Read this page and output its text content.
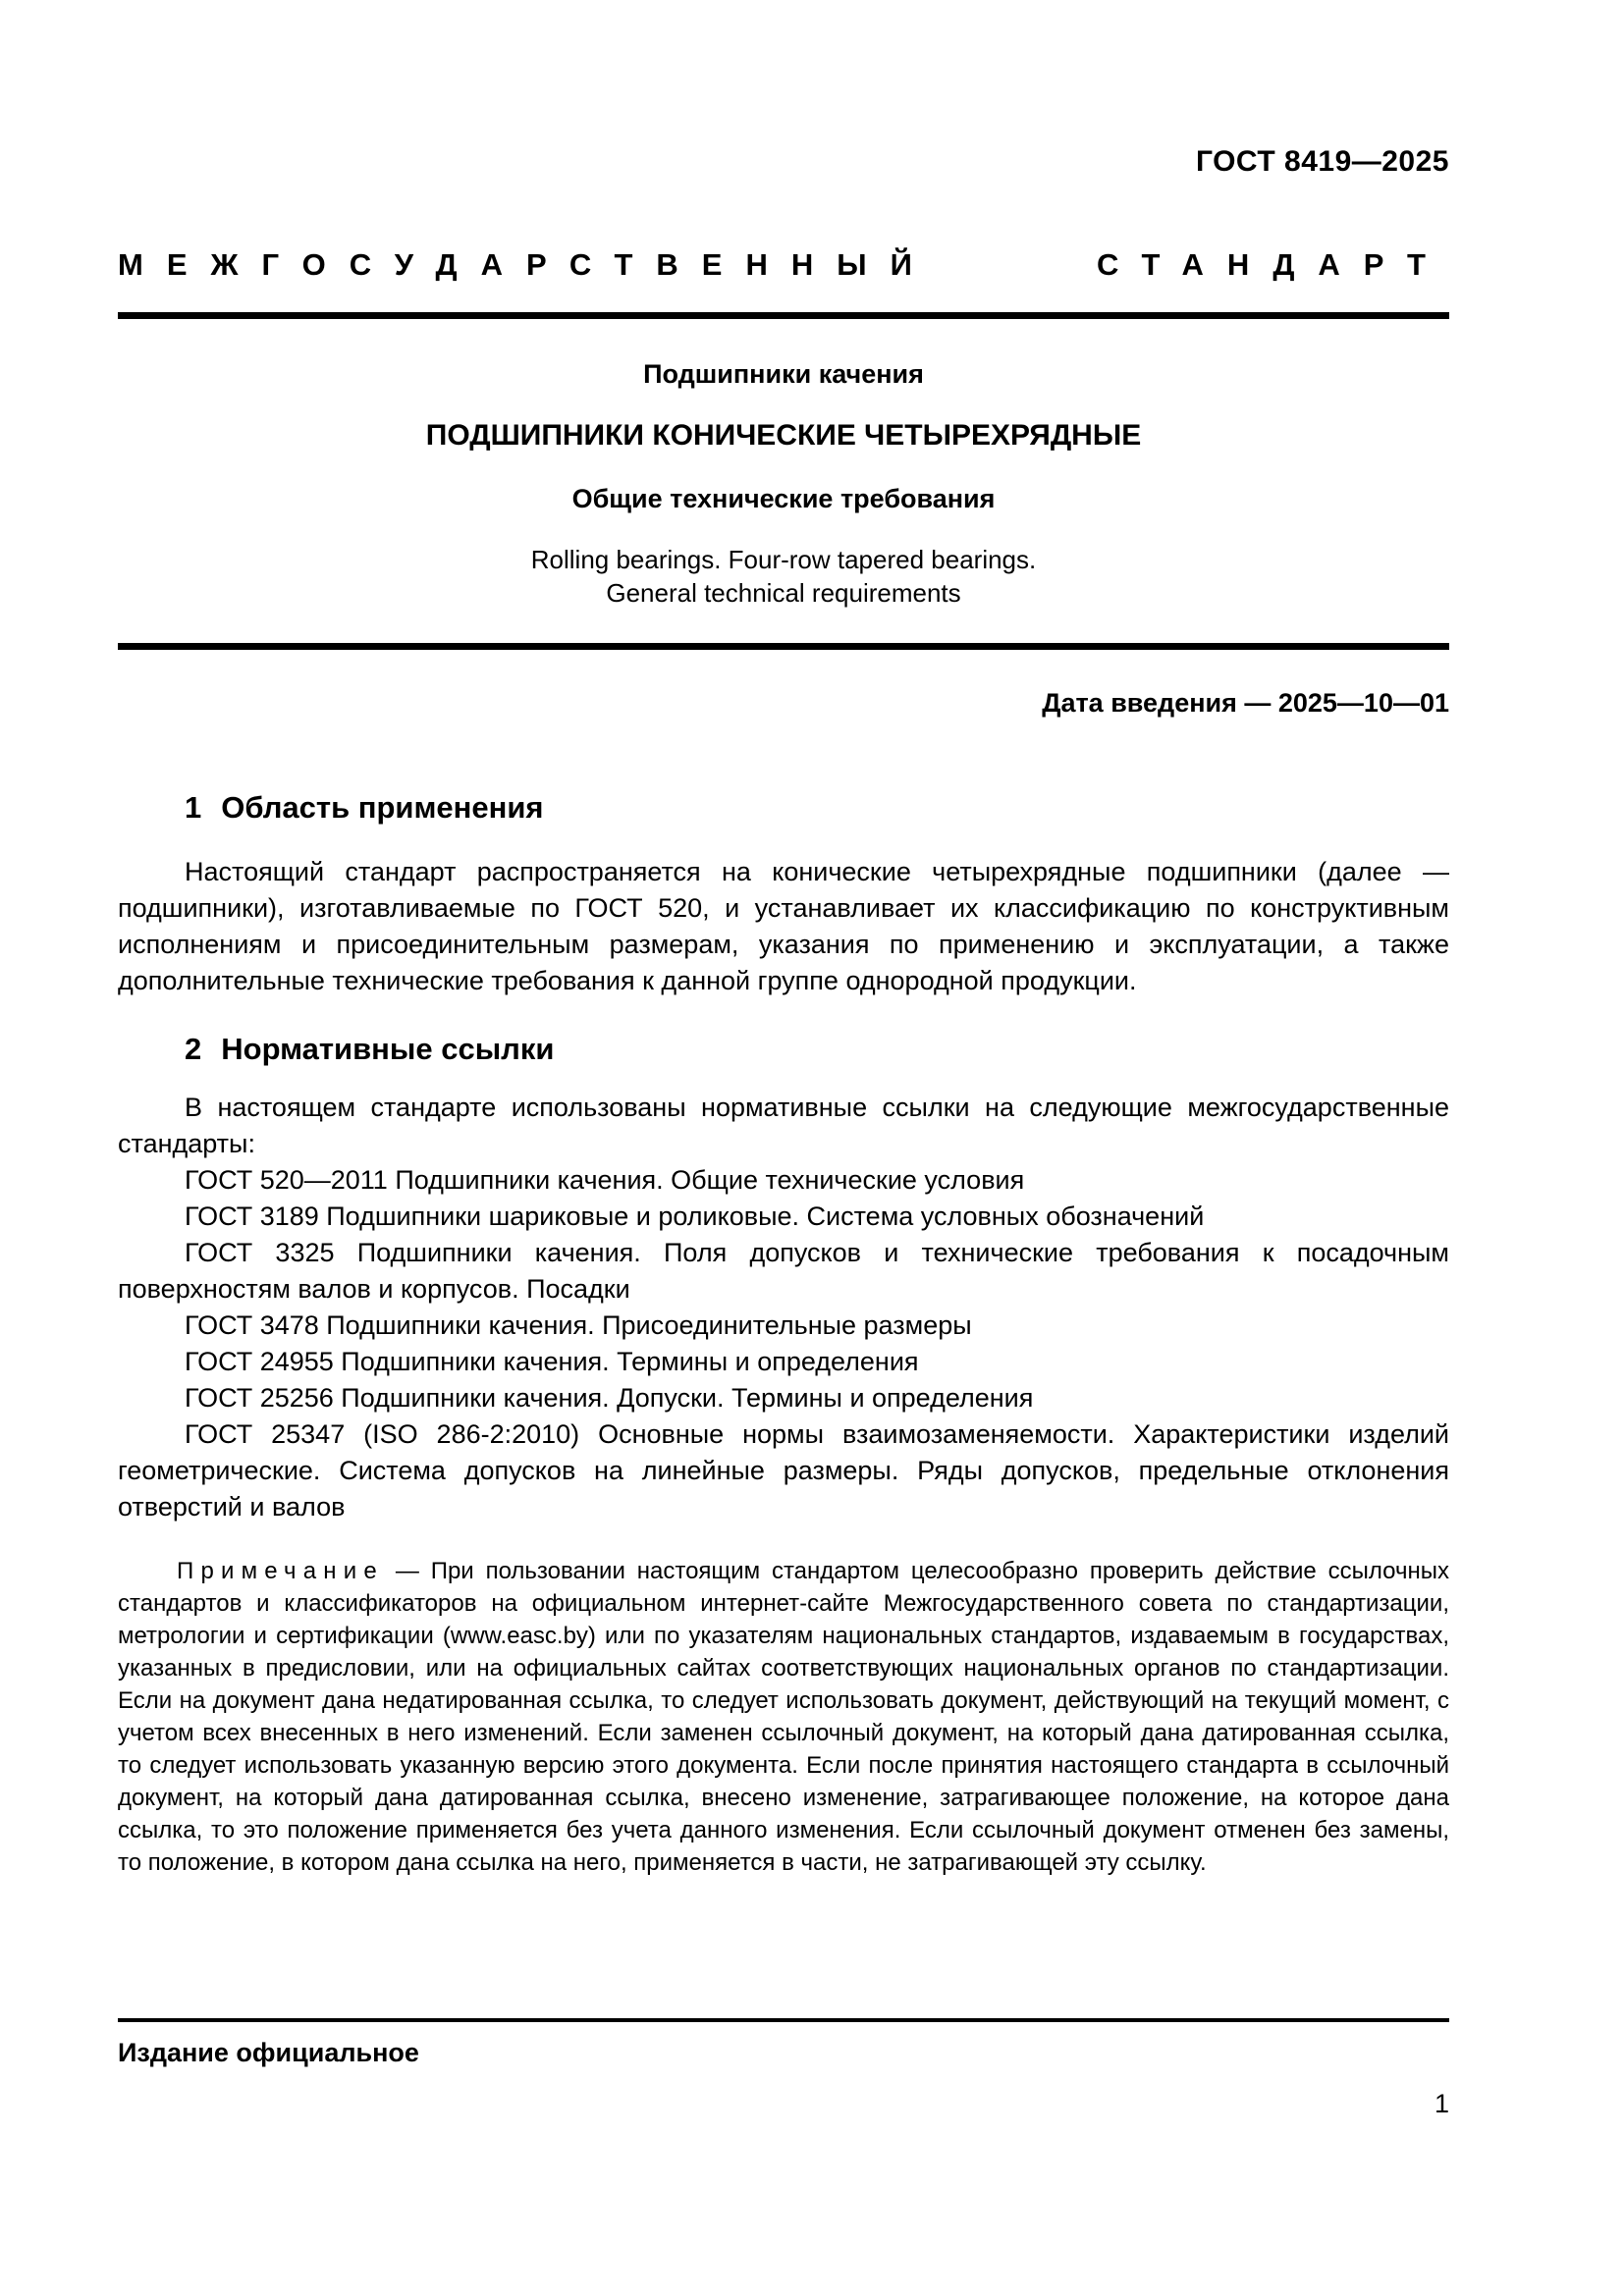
ГОСТ 8419—2025
МЕЖГОСУДАРСТВЕННЫЙ СТАНДАРТ
Подшипники качения
ПОДШИПНИКИ КОНИЧЕСКИЕ ЧЕТЫРЕХРЯДНЫЕ
Общие технические требования
Rolling bearings. Four-row tapered bearings.
General technical requirements
Дата введения — 2025—10—01
1 Область применения

Настоящий стандарт распространяется на конические четырехрядные подшипники (далее — подшипники), изготавливаемые по ГОСТ 520, и устанавливает их классификацию по конструктивным исполнениям и присоединительным размерам, указания по применению и эксплуатации, а также дополнительные технические требования к данной группе однородной продукции.

2 Нормативные ссылки

В настоящем стандарте использованы нормативные ссылки на следующие межгосударственные стандарты:

ГОСТ 520—2011 Подшипники качения. Общие технические условия

ГОСТ 3189 Подшипники шариковые и роликовые. Система условных обозначений

ГОСТ 3325 Подшипники качения. Поля допусков и технические требования к посадочным поверхностям валов и корпусов. Посадки

ГОСТ 3478 Подшипники качения. Присоединительные размеры

ГОСТ 24955 Подшипники качения. Термины и определения

ГОСТ 25256 Подшипники качения. Допуски. Термины и определения

ГОСТ 25347 (ISO 286-2:2010) Основные нормы взаимозаменяемости. Характеристики изделий геометрические. Система допусков на линейные размеры. Ряды допусков, предельные отклонения отверстий и валов

Примечание — При пользовании настоящим стандартом целесообразно проверить действие ссылочных стандартов и классификаторов на официальном интернет-сайте Межгосударственного совета по стандартизации, метрологии и сертификации (www.easc.by) или по указателям национальных стандартов, издаваемым в государствах, указанных в предисловии, или на официальных сайтах соответствующих национальных органов по стандартизации. Если на документ дана недатированная ссылка, то следует использовать документ, действующий на текущий момент, с учетом всех внесенных в него изменений. Если заменен ссылочный документ, на который дана датированная ссылка, то следует использовать указанную версию этого документа. Если после принятия настоящего стандарта в ссылочный документ, на который дана датированная ссылка, внесено изменение, затрагивающее положение, на которое дана ссылка, то это положение применяется без учета данного изменения. Если ссылочный документ отменен без замены, то положение, в котором дана ссылка на него, применяется в части, не затрагивающей эту ссылку.

Издание официальное
1
